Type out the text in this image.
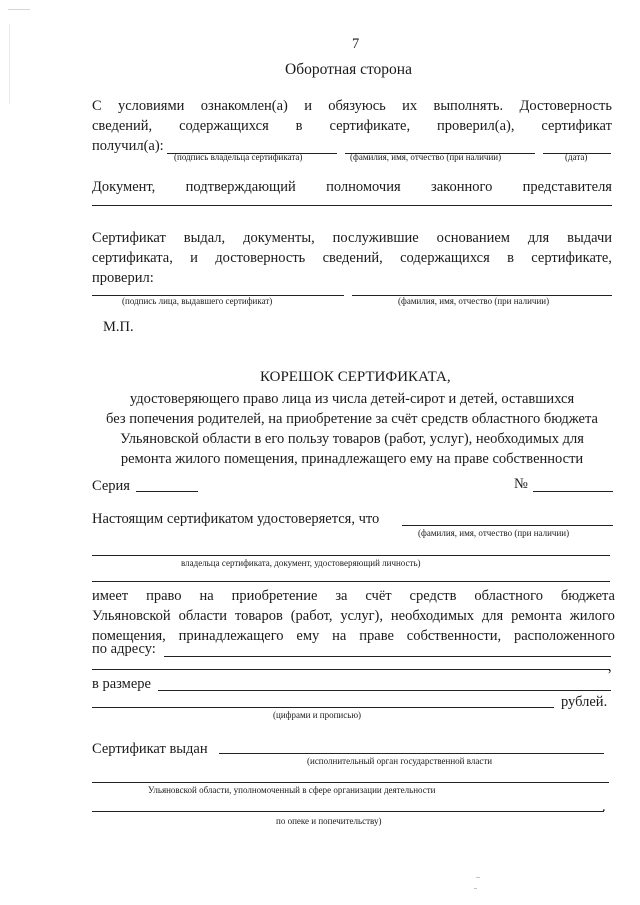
7
Оборотная сторона
С условиями ознакомлен(а) и обязуюсь их выполнять. Достоверность
сведений, содержащихся в сертификате, проверил(а), сертификат
получил(а):
(подпись владельца сертификата)	(фамилия, имя, отчество (при наличии)	(дата)
Документ, подтверждающий полномочия законного представителя
Сертификат выдал, документы, послужившие основанием для выдачи
сертификата, и достоверность сведений, содержащихся в сертификате,
проверил:
(подпись лица, выдавшего сертификат)	(фамилия, имя, отчество (при наличии)
М.П.
КОРЕШОК СЕРТИФИКАТА,
удостоверяющего право лица из числа детей-сирот и детей, оставшихся
без попечения родителей, на приобретение за счёт средств областного бюджета
Ульяновской области в его пользу товаров (работ, услуг), необходимых для
ремонта жилого помещения, принадлежащего ему на праве собственности
Серия	№
Настоящим сертификатом удостоверяется, что
(фамилия, имя, отчество (при наличии)
владельца сертификата, документ, удостоверяющий личность)
имеет право на приобретение за счёт средств областного бюджета
Ульяновской области товаров (работ, услуг), необходимых для ремонта жилого
помещения, принадлежащего ему на праве собственности, расположенного
по адресу:
,
в размере
рублей.
(цифрами и прописью)
Сертификат выдан
(исполнительный орган государственной власти
Ульяновской области, уполномоченный в сфере организации деятельности
.
по опеке и попечительству)
